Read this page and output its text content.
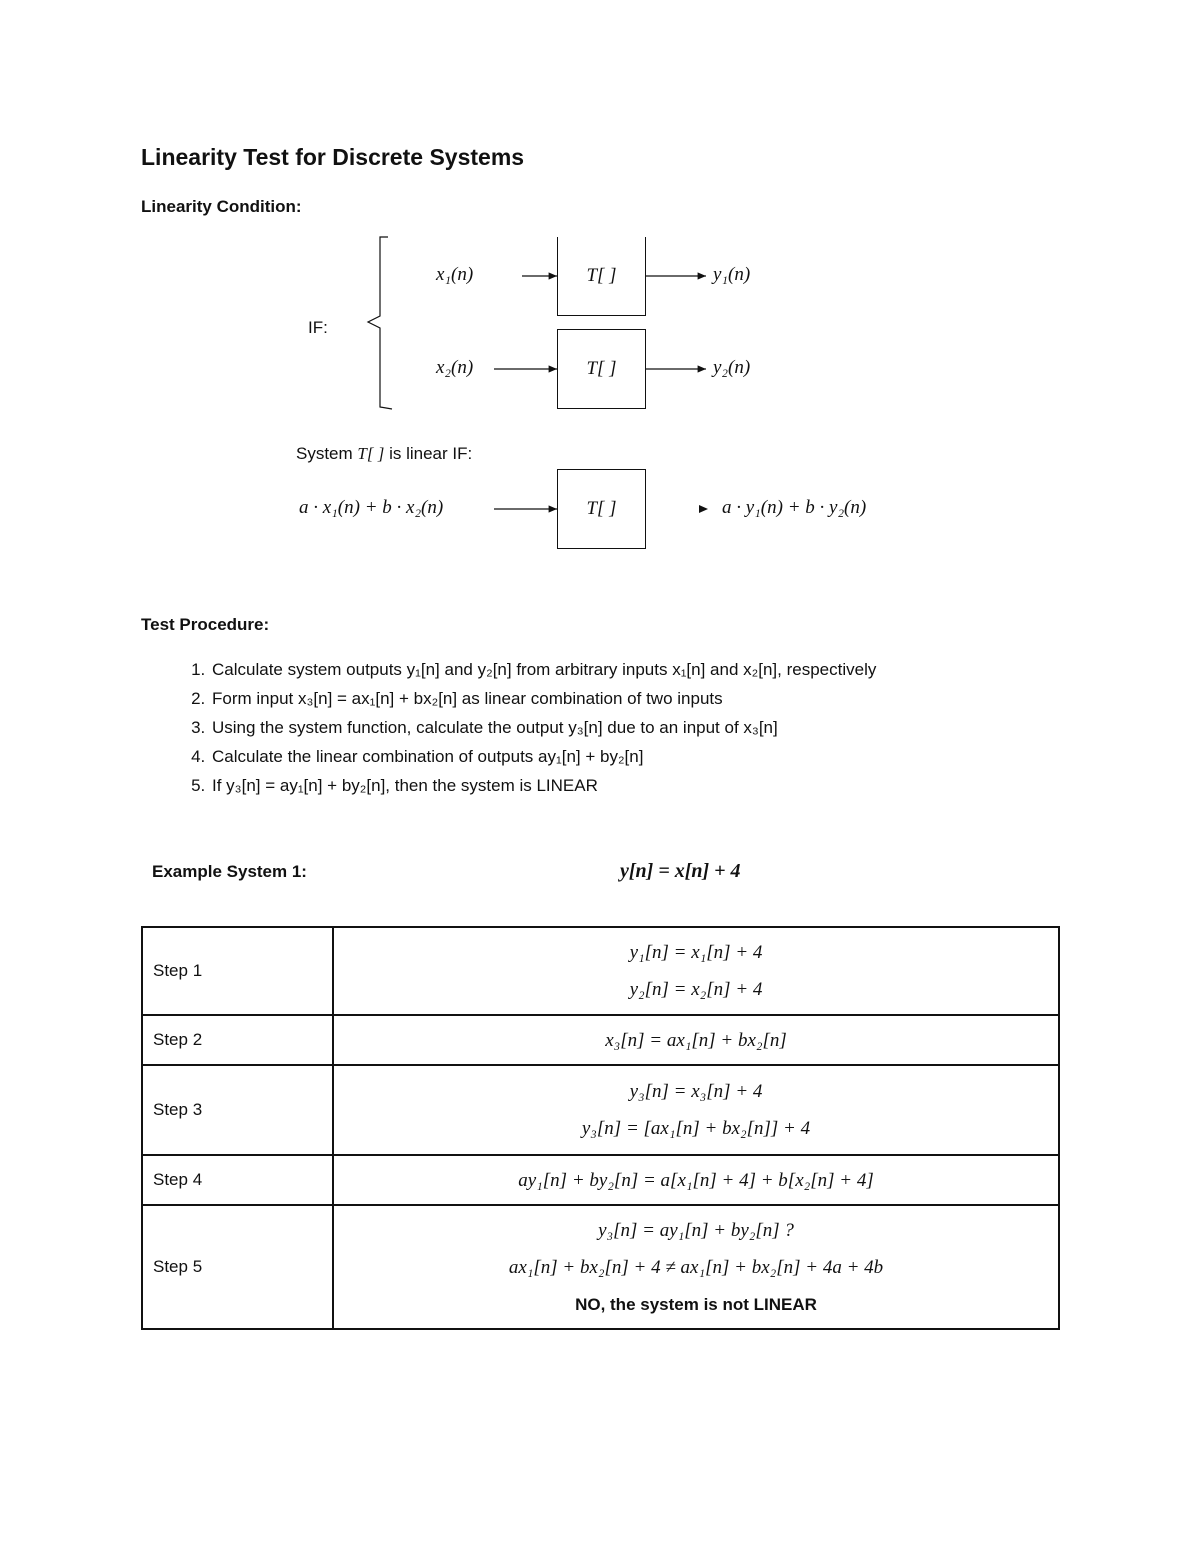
Linearity Test for Discrete Systems
Linearity Condition:
T[ ]
T[ ]
T[ ]
IF:
x₁(n)
x₂(n)
y₁(n)
y₂(n)
System T[ ] is linear IF:
a · x₁(n) + b · x₂(n)	a · y₁(n) + b · y₂(n)
Test Procedure:
1. Calculate system outputs y₁[n] and y₂[n] from arbitrary inputs x₁[n] and x₂[n], respectively
2. Form input x₃[n] = ax₁[n] + bx₂[n] as linear combination of two inputs
3. Using the system function, calculate the output y₃[n] due to an input of x₃[n]
4. Calculate the linear combination of outputs ay₁[n] + by₂[n]
5. If y₃[n] = ay₁[n] + by₂[n], then the system is LINEAR
Example System 1:	y[n] = x[n] + 4
Step 1	y₁[n] = x₁[n] + 4
y₂[n] = x₂[n] + 4

Step 2	x₃[n] = ax₁[n] + bx₂[n]

Step 3	y₃[n] = x₃[n] + 4
y₃[n] = [ax₁[n] + bx₂[n]] + 4

Step 4	ay₁[n] + by₂[n] = a[x₁[n] + 4] + b[x₂[n] + 4]

Step 5	y₃[n] = ay₁[n] + by₂[n] ?
ax₁[n] + bx₂[n] + 4 ≠ ax₁[n] + bx₂[n] + 4a + 4b
NO, the system is not LINEAR
